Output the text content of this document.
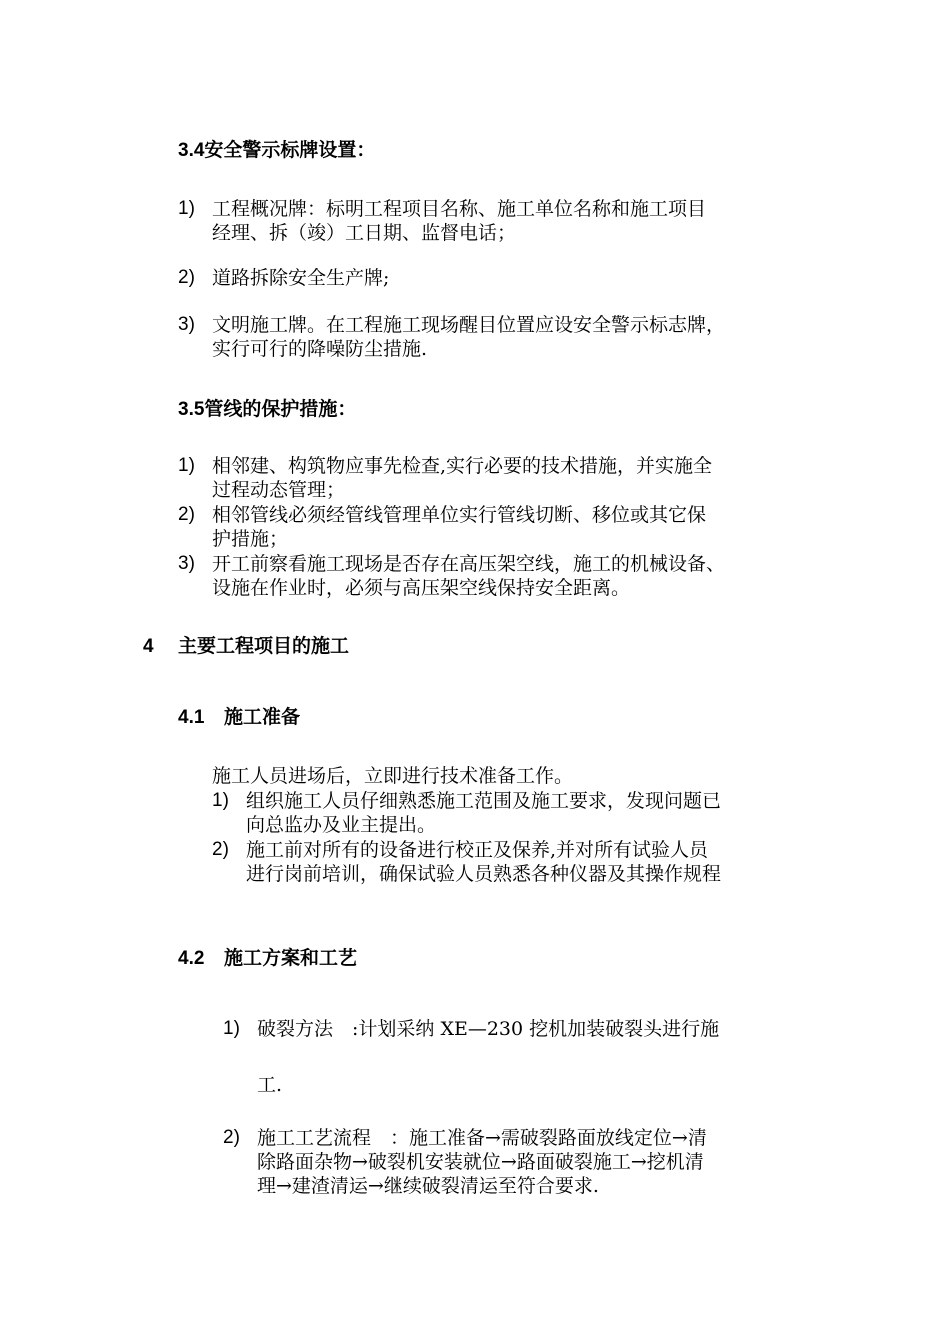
3.4安全警示标牌设置：
1) 工程概况牌：标明工程项目名称、施工单位名称和施工项目
经理、拆（竣）工日期、监督电话；
2) 道路拆除安全生产牌;
3) 文明施工牌。在工程施工现场醒目位置应设安全警示标志牌，
实行可行的降噪防尘措施.
3.5管线的保护措施：
1) 相邻建、构筑物应事先检查,实行必要的技术措施，并实施全
过程动态管理；
2) 相邻管线必须经管线管理单位实行管线切断、移位或其它保
护措施；
3) 开工前察看施工现场是否存在高压架空线，施工的机械设备、
设施在作业时，必须与高压架空线保持安全距离。
4 主要工程项目的施工
4.1 施工准备
施工人员进场后，立即进行技术准备工作。
1) 组织施工人员仔细熟悉施工范围及施工要求，发现问题已
向总监办及业主提出。
2) 施工前对所有的设备进行校正及保养,并对所有试验人员
进行岗前培训，确保试验人员熟悉各种仪器及其操作规程
4.2 施工方案和工艺
1) 破裂方法　:计划采纳 XE—230 挖机加装破裂头进行施
工.
2) 施工工艺流程　：施工准备→需破裂路面放线定位→清
除路面杂物→破裂机安装就位→路面破裂施工→挖机清
理→建渣清运→继续破裂清运至符合要求.
